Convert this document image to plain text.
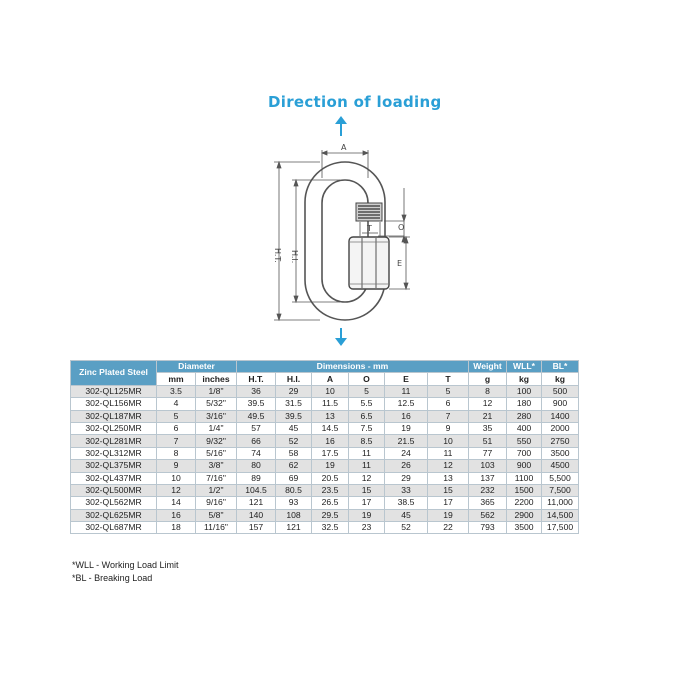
Direction of loading
A
H.T. H.I.
T	O
E
Zinc Plated Steel	Diameter		Dimensions - mm						Weight	WLL*	BL*
	mm	inches	H.T.	H.I.	A	O	E	T	g	kg	kg
302-QL125MR	3.5	1/8"	36	29	10	5	11	5	8	100	500
302-QL156MR	4	5/32"	39.5	31.5	11.5	5.5	12.5	6	12	180	900
302-QL187MR	5	3/16"	49.5	39.5	13	6.5	16	7	21	280	1400
302-QL250MR	6	1/4"	57	45	14.5	7.5	19	9	35	400	2000
302-QL281MR	7	9/32"	66	52	16	8.5	21.5	10	51	550	2750
302-QL312MR	8	5/16"	74	58	17.5	11	24	11	77	700	3500
302-QL375MR	9	3/8"	80	62	19	11	26	12	103	900	4500
302-QL437MR	10	7/16"	89	69	20.5	12	29	13	137	1100	5,500
302-QL500MR	12	1/2"	104.5	80.5	23.5	15	33	15	232	1500	7,500
302-QL562MR	14	9/16"	121	93	26.5	17	38.5	17	365	2200	11,000
302-QL625MR	16	5/8"	140	108	29.5	19	45	19	562	2900	14,500
302-QL687MR	18	11/16"	157	121	32.5	23	52	22	793	3500	17,500
*WLL - Working Load Limit
*BL - Breaking Load
